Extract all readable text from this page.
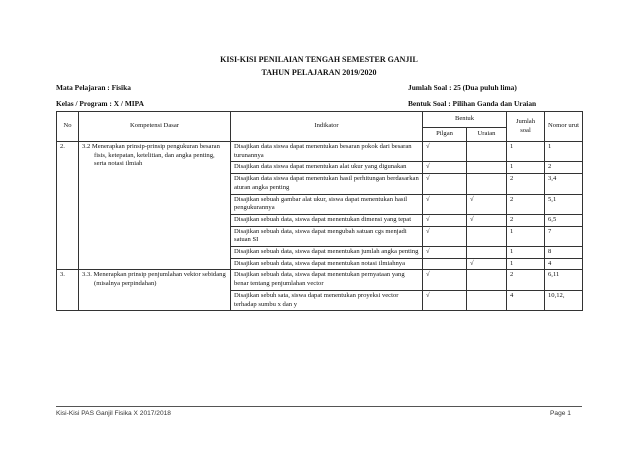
KISI-KISI PENILAIAN TENGAH SEMESTER GANJIL
TAHUN PELAJARAN 2019/2020
Mata Pelajaran : Fisika
Kelas / Program : X / MIPA
Jumlah Soal : 25 (Dua puluh lima)
Bentuk Soal : Pilihan Ganda dan Uraian
No	Kompetensi Dasar	Indikator	Bentuk		Jumlah soal	Nomor urut
			Pilgan	Uraian		
2.	3.2 Menerapkan prinsip-prinsip pengukuran besaran fisis, ketepatan, ketelitian, dan angka penting, serta notasi ilmiah	Disajikan data siswa dapat menentukan besaran pokok dari besaran turunannya	√		1	1
		Disajikan data siswa dapat menentukan alat ukur yang digunakan	√		1	2
		Disajikan data siswa dapat menentukan hasil perhitungan berdasarkan aturan angka penting	√		2	3,4
		Disajikan sebuah gambar alat ukur, siswa dapat menentukan hasil pengukurannya	√	√	2	5,1
		Disajikan sebuah data, siswa dapat menentukan dimensi yang tepat	√	√	2	6,5
		Disajikan sebuah data, siswa dapat mengubah satuan cgs menjadi satuan SI	√		1	7
		Disajikan sebuah data, siswa dapat menentukan jumlah angka penting	√		1	8
		Disajikan sebuah data, siswa dapat menentukan notasi ilmiahnya		√	1	4
3.	3.3. Menerapkan prinsip penjumlahan vektor sebidang (misalnya perpindahan)	Disajikan sebuah data, siswa dapat menentukan pernyataan yang benar tentang penjumlahan vector	√		2	6,11
		Disajikan sebuh sata, siswa dapat menentukan proyeksi vector terhadap sumbu x dan y	√		4	10,12,
Kisi-Kisi PAS Ganjil Fisika X 2017/2018	Page 1
